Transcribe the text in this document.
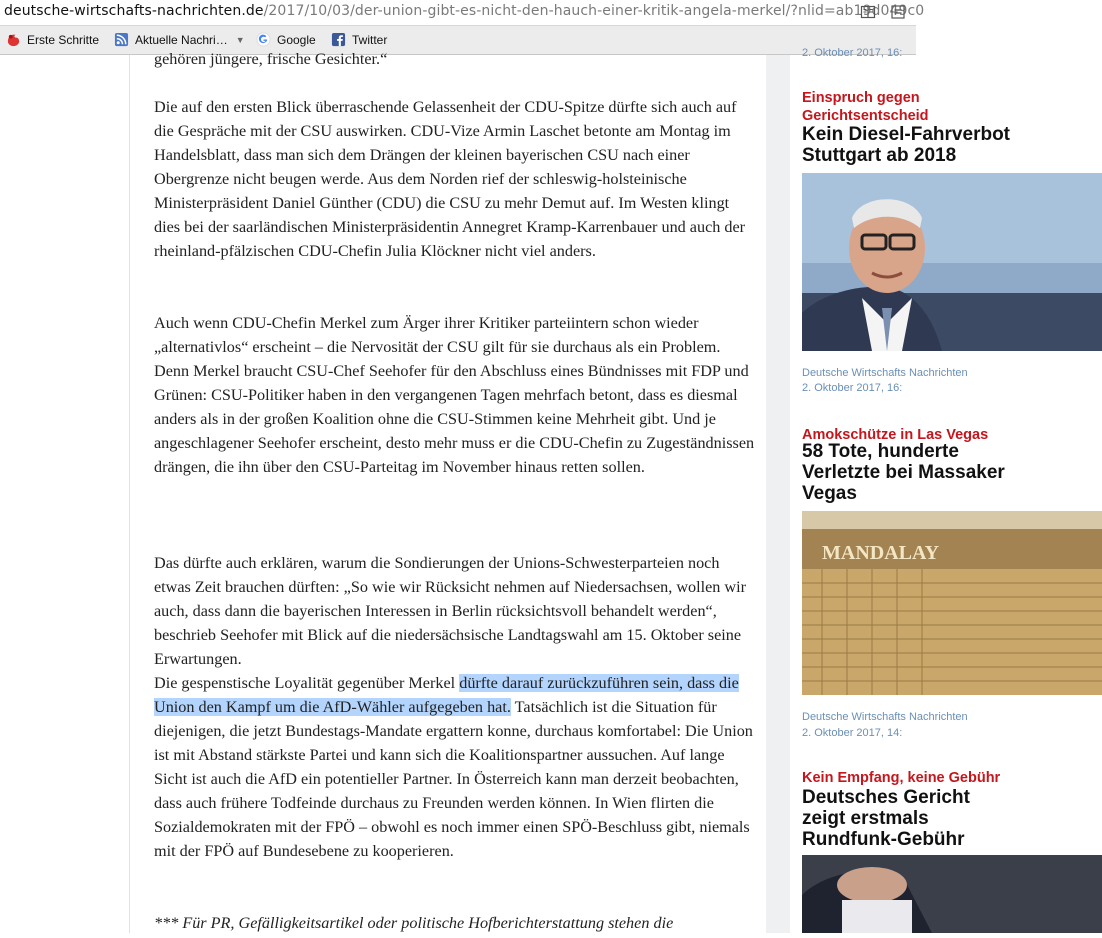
deutsche-wirtschafts-nachrichten.de/2017/10/03/der-union-gibt-es-nicht-den-hauch-einer-kritik-angela-merkel/?nlid=ab19d049c0
Erste Schritte	Aktuelle Nachri… ▼	Google	Twitter

gehören jüngere, frische Gesichter.“

Die auf den ersten Blick überraschende Gelassenheit der CDU-Spitze dürfte sich auch auf die Gespräche mit der CSU auswirken. CDU-Vize Armin Laschet betonte am Montag im Handelsblatt, dass man sich dem Drängen der kleinen bayerischen CSU nach einer Obergrenze nicht beugen werde. Aus dem Norden rief der schleswig-holsteinische Ministerpräsident Daniel Günther (CDU) die CSU zu mehr Demut auf. Im Westen klingt dies bei der saarländischen Ministerpräsidentin Annegret Kramp-Karrenbauer und auch der rheinland-pfälzischen CDU-Chefin Julia Klöckner nicht viel anders.

Auch wenn CDU-Chefin Merkel zum Ärger ihrer Kritiker parteiintern schon wieder „alternativlos“ erscheint – die Nervosität der CSU gilt für sie durchaus als ein Problem. Denn Merkel braucht CSU-Chef Seehofer für den Abschluss eines Bündnisses mit FDP und Grünen: CSU-Politiker haben in den vergangenen Tagen mehrfach betont, dass es diesmal anders als in der großen Koalition ohne die CSU-Stimmen keine Mehrheit gibt. Und je angeschlagener Seehofer erscheint, desto mehr muss er die CDU-Chefin zu Zugeständnissen drängen, die ihn über den CSU-Parteitag im November hinaus retten sollen.

Das dürfte auch erklären, warum die Sondierungen der Unions-Schwesterparteien noch etwas Zeit brauchen dürften: „So wie wir Rücksicht nehmen auf Niedersachsen, wollen wir auch, dass dann die bayerischen Interessen in Berlin rücksichtsvoll behandelt werden“, beschrieb Seehofer mit Blick auf die niedersächsische Landtagswahl am 15. Oktober seine Erwartungen.

Die gespenstische Loyalität gegenüber Merkel dürfte darauf zurückzuführen sein, dass die Union den Kampf um die AfD-Wähler aufgegeben hat. Tatsächlich ist die Situation für diejenigen, die jetzt Bundestags-Mandate ergattern konne, durchaus komfortabel: Die Union ist mit Abstand stärkste Partei und kann sich die Koalitionspartner aussuchen. Auf lange Sicht ist auch die AfD ein potentieller Partner. In Österreich kann man derzeit beobachten, dass auch frühere Todfeinde durchaus zu Freunden werden können. In Wien flirten die Sozialdemokraten mit der FPÖ – obwohl es noch immer einen SPÖ-Beschluss gibt, niemals mit der FPÖ auf Bundesebene zu kooperieren.

*** Für PR, Gefälligkeitsartikel oder politische Hofberichterstattung stehen die

2. Oktober 2017, 16:
Einspruch gegen Gerichtsentscheid
Kein Diesel-Fahrverbot
Stuttgart ab 2018
Deutsche Wirtschafts Nachrichten
2. Oktober 2017, 16:
Amokschütze in Las Vegas
58 Tote, hunderte
Verletzte bei Massaker
Vegas
MANDALAY
Deutsche Wirtschafts Nachrichten
2. Oktober 2017, 14:
Kein Empfang, keine Gebühr
Deutsches Gericht
zeigt erstmals
Rundfunk-Gebühr
